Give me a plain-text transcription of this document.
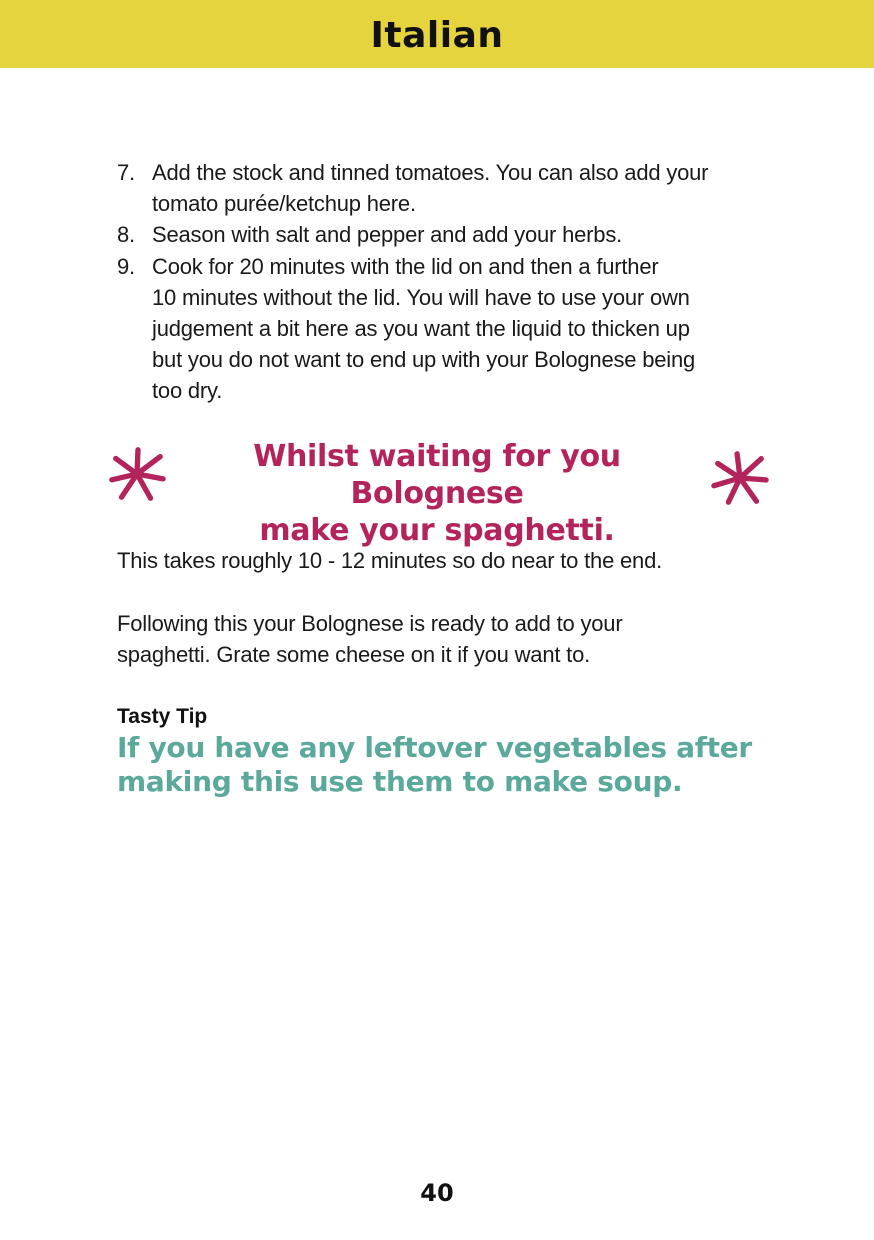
Italian
7. Add the stock and tinned tomatoes. You can also add your
tomato purée/ketchup here.
8. Season with salt and pepper and add your herbs.
9. Cook for 20 minutes with the lid on and then a further
10 minutes without the lid. You will have to use your own
judgement a bit here as you want the liquid to thicken up
but you do not want to end up with your Bolognese being
too dry.
Whilst waiting for you Bolognese
make your spaghetti.

This takes roughly 10 - 12 minutes so do near to the end.

Following this your Bolognese is ready to add to your
spaghetti. Grate some cheese on it if you want to.

Tasty Tip

If you have any leftover vegetables after
making this use them to make soup.

40
